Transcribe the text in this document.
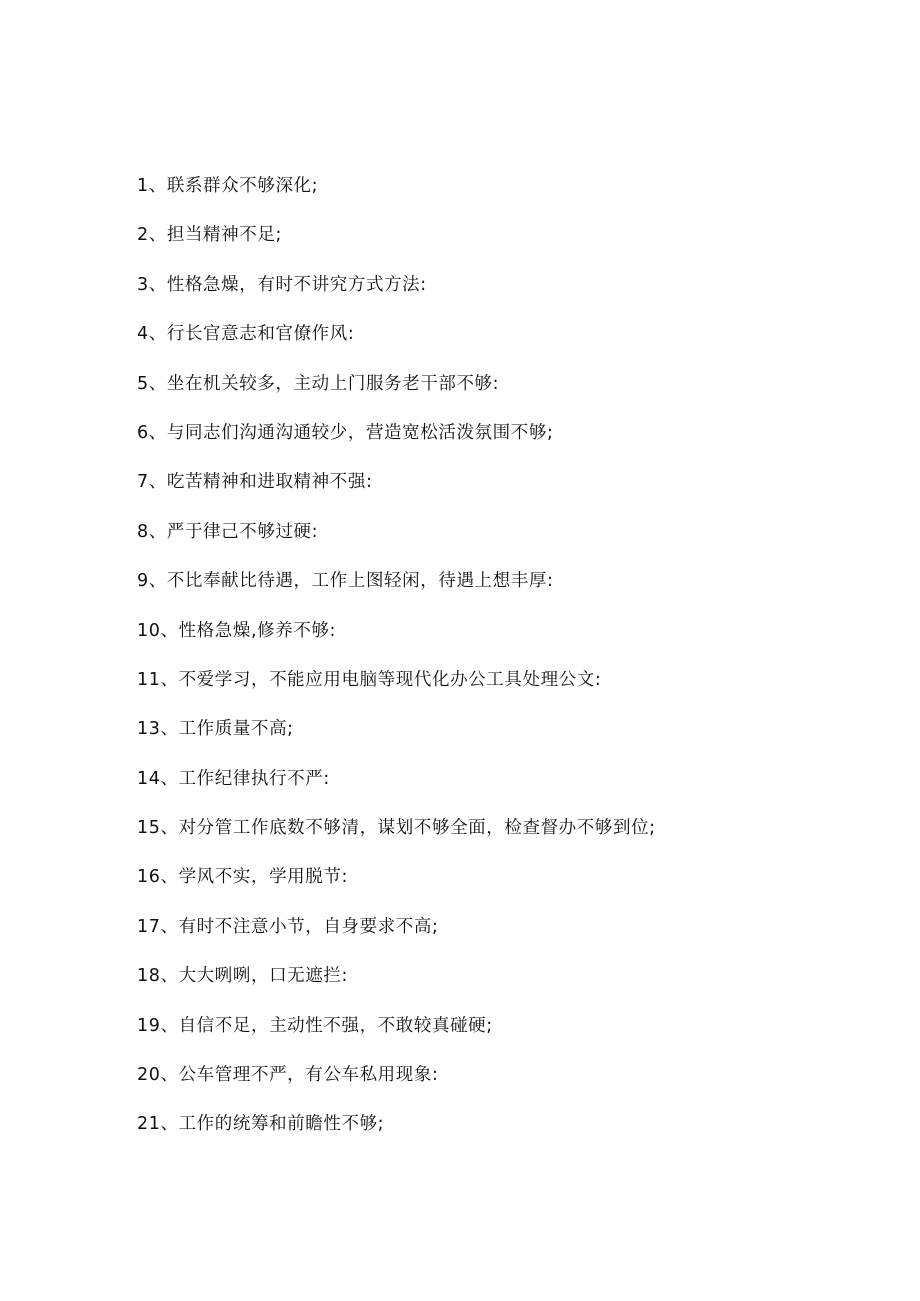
1、联系群众不够深化;
2、担当精神不足;
3、性格急燥，有时不讲究方式方法:
4、行长官意志和官僚作风:
5、坐在机关较多，主动上门服务老干部不够:
6、与同志们沟通沟通较少，营造宽松活泼氛围不够;
7、吃苦精神和进取精神不强:
8、严于律己不够过硬:
9、不比奉献比待遇，工作上图轻闲，待遇上想丰厚:
10、性格急燥,修养不够:
11、不爱学习，不能应用电脑等现代化办公工具处理公文:
13、工作质量不高;
14、工作纪律执行不严:
15、对分管工作底数不够清，谋划不够全面，检查督办不够到位;
16、学风不实，学用脱节:
17、有时不注意小节，自身要求不高;
18、大大咧咧，口无遮拦:
19、自信不足，主动性不强，不敢较真碰硬;
20、公车管理不严，有公车私用现象:
21、工作的统筹和前瞻性不够;
